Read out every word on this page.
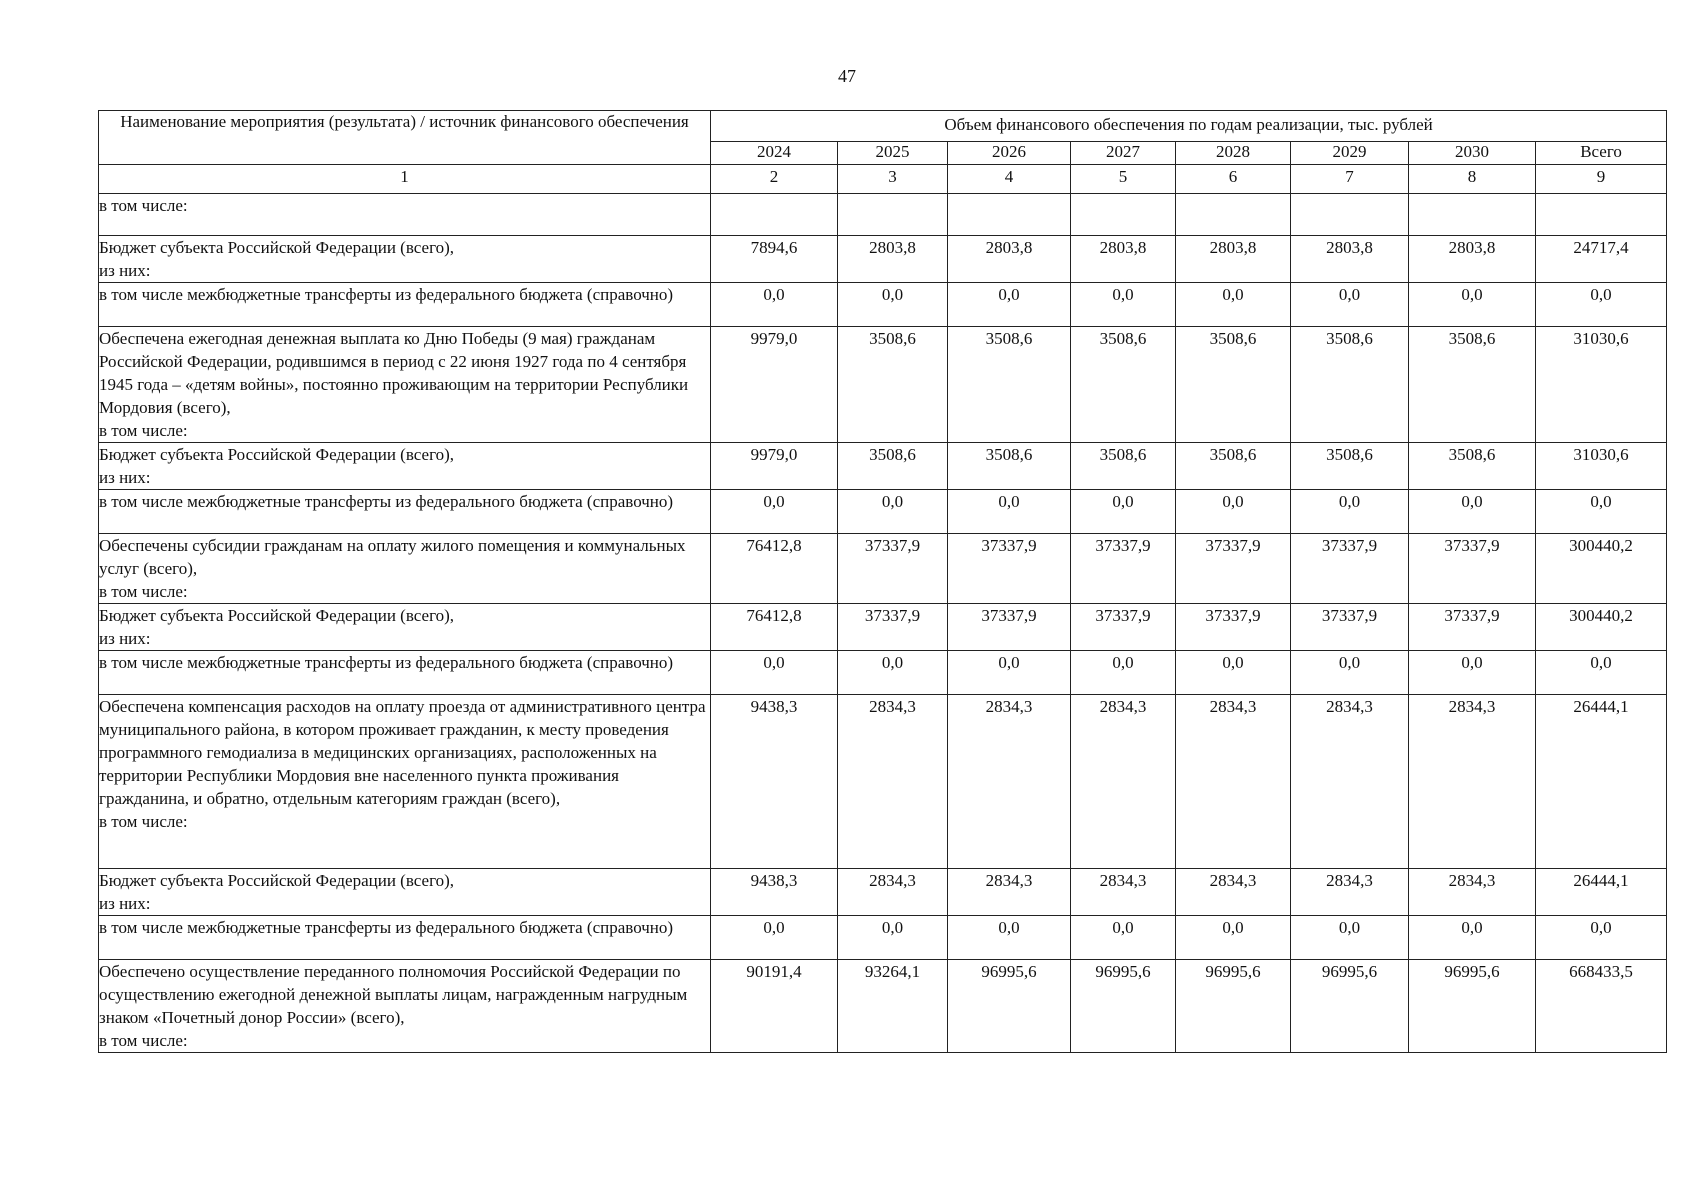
47
Наименование мероприятия (результата) / источник финансового обеспечения	Объем финансового обеспечения по годам реализации, тыс. рублей							
	2024	2025	2026	2027	2028	2029	2030	Всего
1	2	3	4	5	6	7	8	9
в том числе:								
Бюджет субъекта Российской Федерации (всего),
из них:	7894,6	2803,8	2803,8	2803,8	2803,8	2803,8	2803,8	24717,4
в том числе межбюджетные трансферты из федерального бюджета (справочно)	0,0	0,0	0,0	0,0	0,0	0,0	0,0	0,0
Обеспечена ежегодная денежная выплата ко Дню Победы (9 мая) гражданам Российской Федерации, родившимся в период с 22 июня 1927 года по 4 сентября 1945 года – «детям войны», постоянно проживающим на территории Республики Мордовия (всего),
в том числе:	9979,0	3508,6	3508,6	3508,6	3508,6	3508,6	3508,6	31030,6
Бюджет субъекта Российской Федерации (всего),
из них:	9979,0	3508,6	3508,6	3508,6	3508,6	3508,6	3508,6	31030,6
в том числе межбюджетные трансферты из федерального бюджета (справочно)	0,0	0,0	0,0	0,0	0,0	0,0	0,0	0,0
Обеспечены субсидии гражданам на оплату жилого помещения и коммунальных услуг (всего),
в том числе:	76412,8	37337,9	37337,9	37337,9	37337,9	37337,9	37337,9	300440,2
Бюджет субъекта Российской Федерации (всего),
из них:	76412,8	37337,9	37337,9	37337,9	37337,9	37337,9	37337,9	300440,2
в том числе межбюджетные трансферты из федерального бюджета (справочно)	0,0	0,0	0,0	0,0	0,0	0,0	0,0	0,0
Обеспечена компенсация расходов на оплату проезда от административного центра муниципального района, в котором проживает гражданин, к месту проведения программного гемодиализа в медицинских организациях, расположенных на территории Республики Мордовия вне населенного пункта проживания гражданина, и обратно, отдельным категориям граждан (всего),
в том числе:	9438,3	2834,3	2834,3	2834,3	2834,3	2834,3	2834,3	26444,1
Бюджет субъекта Российской Федерации (всего),
из них:	9438,3	2834,3	2834,3	2834,3	2834,3	2834,3	2834,3	26444,1
в том числе межбюджетные трансферты из федерального бюджета (справочно)	0,0	0,0	0,0	0,0	0,0	0,0	0,0	0,0
Обеспечено осуществление переданного полномочия Российской Федерации по осуществлению ежегодной денежной выплаты лицам, награжденным нагрудным знаком «Почетный донор России» (всего),
в том числе:	90191,4	93264,1	96995,6	96995,6	96995,6	96995,6	96995,6	668433,5
